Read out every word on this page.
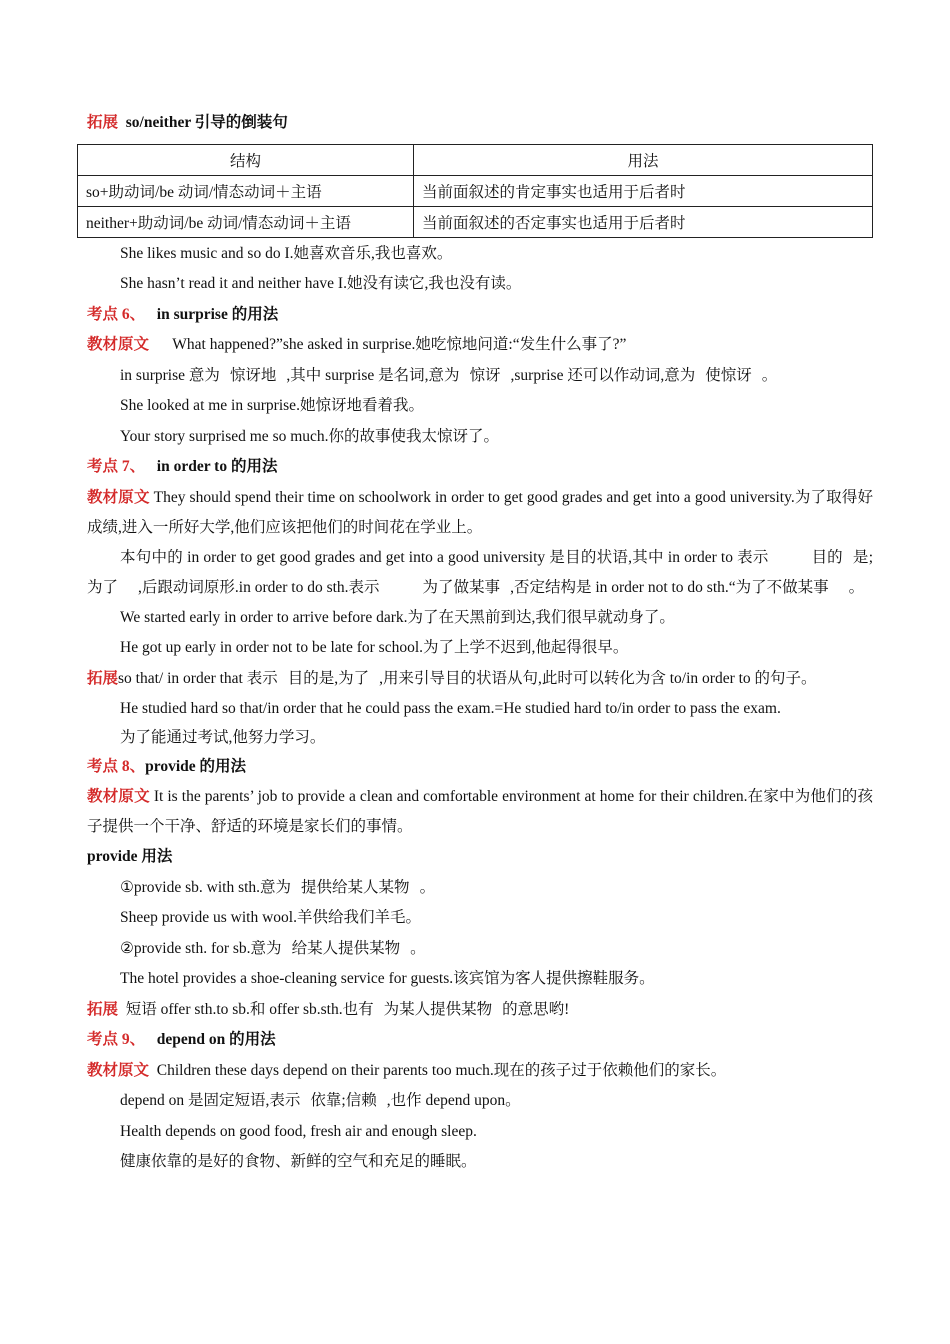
拓展 so/neither 引导的倒装句
结构	用法
so+助动词/be 动词/情态动词＋主语	当前面叙述的肯定事实也适用于后者时
neither+助动词/be 动词/情态动词＋主语	当前面叙述的否定事实也适用于后者时
She likes music and so do I.她喜欢音乐,我也喜欢。
She hasn’t read it and neither have I.她没有读它,我也没有读。
考点 6、 in surprise 的用法
教材原文 What happened?”she asked in surprise.她吃惊地问道:“发生什么事了?”
in surprise 意为 惊讶地 ,其中 surprise 是名词,意为 惊讶 ,surprise 还可以作动词,意为 使惊讶 。
She looked at me in surprise.她惊讶地看着我。
Your story surprised me so much.你的故事使我太惊讶了。
考点 7、 in order to 的用法
教材原文 They should spend their time on schoolwork in order to get good grades and get into a good university.为了取得好成绩,进入一所好大学,他们应该把他们的时间花在学业上。
本句中的 in order to get good grades and get into a good university 是目的状语,其中 in order to 表示	目的 是;为了 ,后跟动词原形.in order to do sth.表示	为了做某事 ,否定结构是 in order not to do sth.“为了不做某事 。
We started early in order to arrive before dark.为了在天黑前到达,我们很早就动身了。
He got up early in order not to be late for school.为了上学不迟到,他起得很早。
拓展so that/ in order that 表示 目的是,为了 ,用来引导目的状语从句,此时可以转化为含 to/in order to 的句子。
He studied hard so that/in order that he could pass the exam.=He studied hard to/in order to pass the exam.
为了能通过考试,他努力学习。
考点 8、provide 的用法
教材原文 It is the parents’ job to provide a clean and comfortable environment at home for their children.在家中为他们的孩子提供一个干净、舒适的环境是家长们的事情。
provide 用法
①provide sb. with sth.意为 提供给某人某物 。
Sheep provide us with wool.羊供给我们羊毛。
②provide sth. for sb.意为 给某人提供某物 。
The hotel provides a shoe-cleaning service for guests.该宾馆为客人提供擦鞋服务。
拓展 短语 offer sth.to sb.和 offer sb.sth.也有 为某人提供某物 的意思哟!
考点 9、 depend on 的用法
教材原文 Children these days depend on their parents too much.现在的孩子过于依赖他们的家长。
depend on 是固定短语,表示 依靠;信赖 ,也作 depend upon。
Health depends on good food, fresh air and enough sleep.
健康依靠的是好的食物、新鲜的空气和充足的睡眠。
